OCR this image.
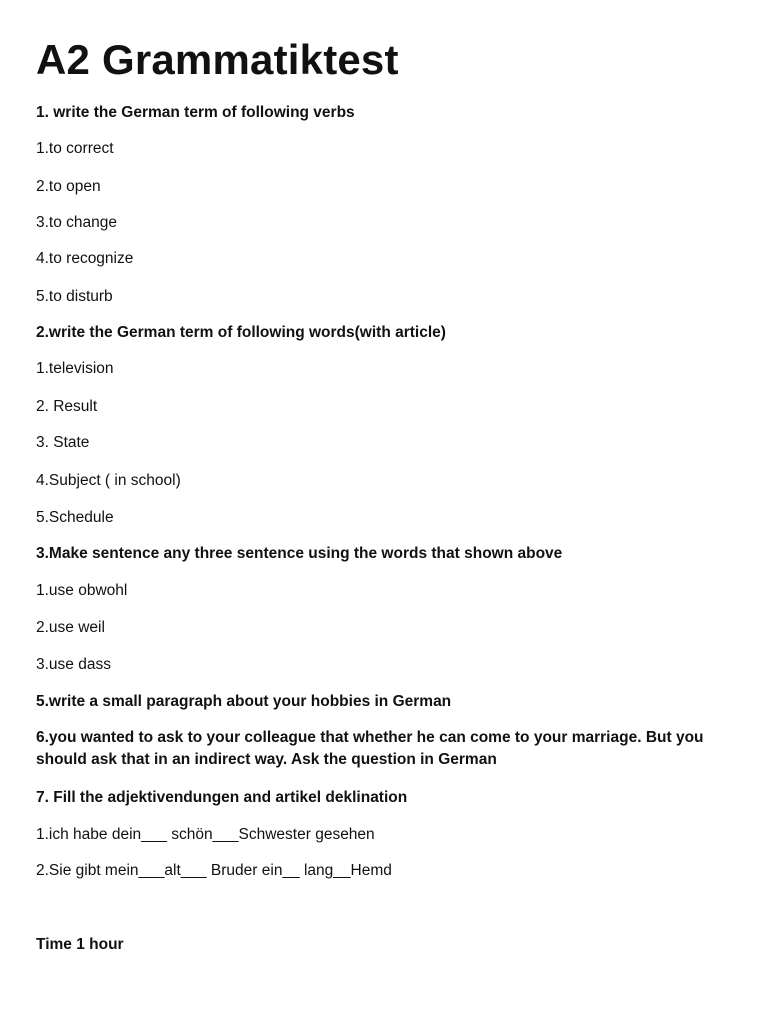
A2 Grammatiktest
1. write the German term of following verbs
1.to correct
2.to open
3.to change
4.to recognize
5.to disturb
2.write the German term of following words(with article)
1.television
2. Result
3. State
4.Subject ( in school)
5.Schedule
3.Make sentence any three sentence using the words that shown above
1.use obwohl
2.use weil
3.use dass
5.write a small paragraph about your hobbies in German
6.you wanted to ask to your colleague that whether he can come to your marriage. But you should ask that in an indirect way. Ask the question in German
7. Fill the adjektivendungen and artikel deklination
1.ich habe dein___ schön___Schwester gesehen
2.Sie gibt mein___alt___ Bruder ein__ lang__Hemd
Time 1 hour
